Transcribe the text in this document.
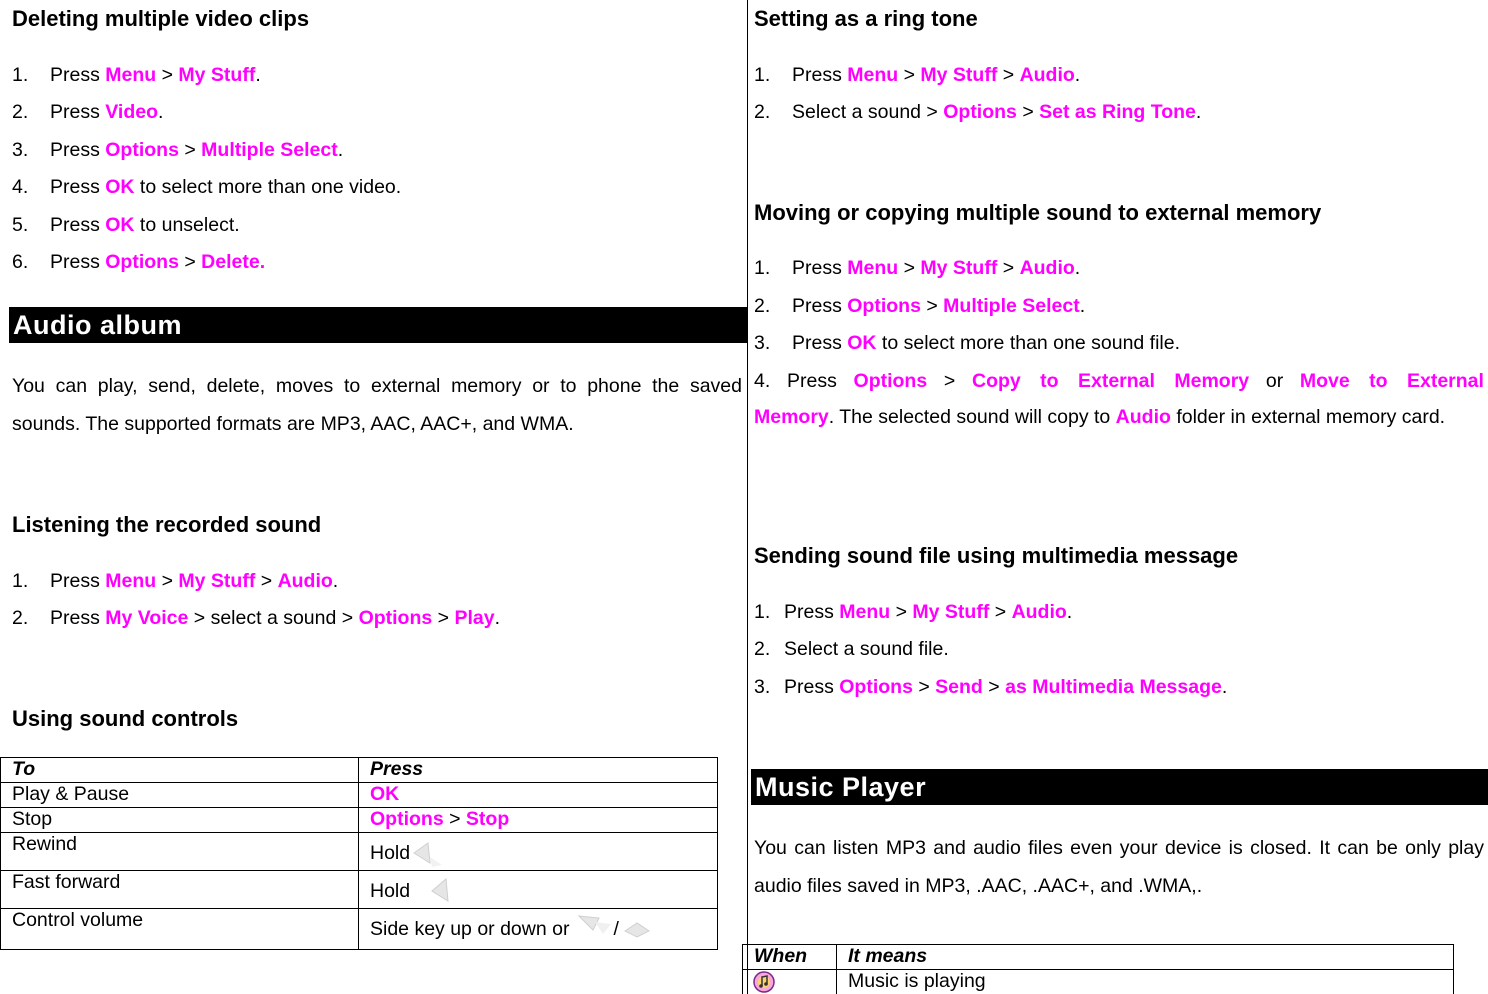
Deleting multiple video clips
1. Press Menu > My Stuff.
2. Press Video.
3. Press Options > Multiple Select.
4. Press OK to select more than one video.
5. Press OK to unselect.
6. Press Options > Delete.
Audio album
You can play, send, delete, moves to external memory or to phone the saved sounds. The supported formats are MP3, AAC, AAC+, and WMA.
Listening the recorded sound
1. Press Menu > My Stuff > Audio.
2. Press My Voice > select a sound > Options > Play.
Using sound controls
To	Press
Play & Pause	OK
Stop	Options > Stop
Rewind	Hold
Fast forward	Hold
Control volume	Side key up or down or /
Setting as a ring tone
1. Press Menu > My Stuff > Audio.
2. Select a sound > Options > Set as Ring Tone.
Moving or copying multiple sound to external memory
1. Press Menu > My Stuff > Audio.
2. Press Options > Multiple Select.
3. Press OK to select more than one sound file.
4. Press Options > Copy to External Memory or Move to External
Memory. The selected sound will copy to Audio folder in external memory card.
Sending sound file using multimedia message
1. Press Menu > My Stuff > Audio.
2. Select a sound file.
3. Press Options > Send > as Multimedia Message.
Music Player
You can listen MP3 and audio files even your device is closed. It can be only play audio files saved in MP3, .AAC, .AAC+, and .WMA,.
When	It means
	Music is playing
